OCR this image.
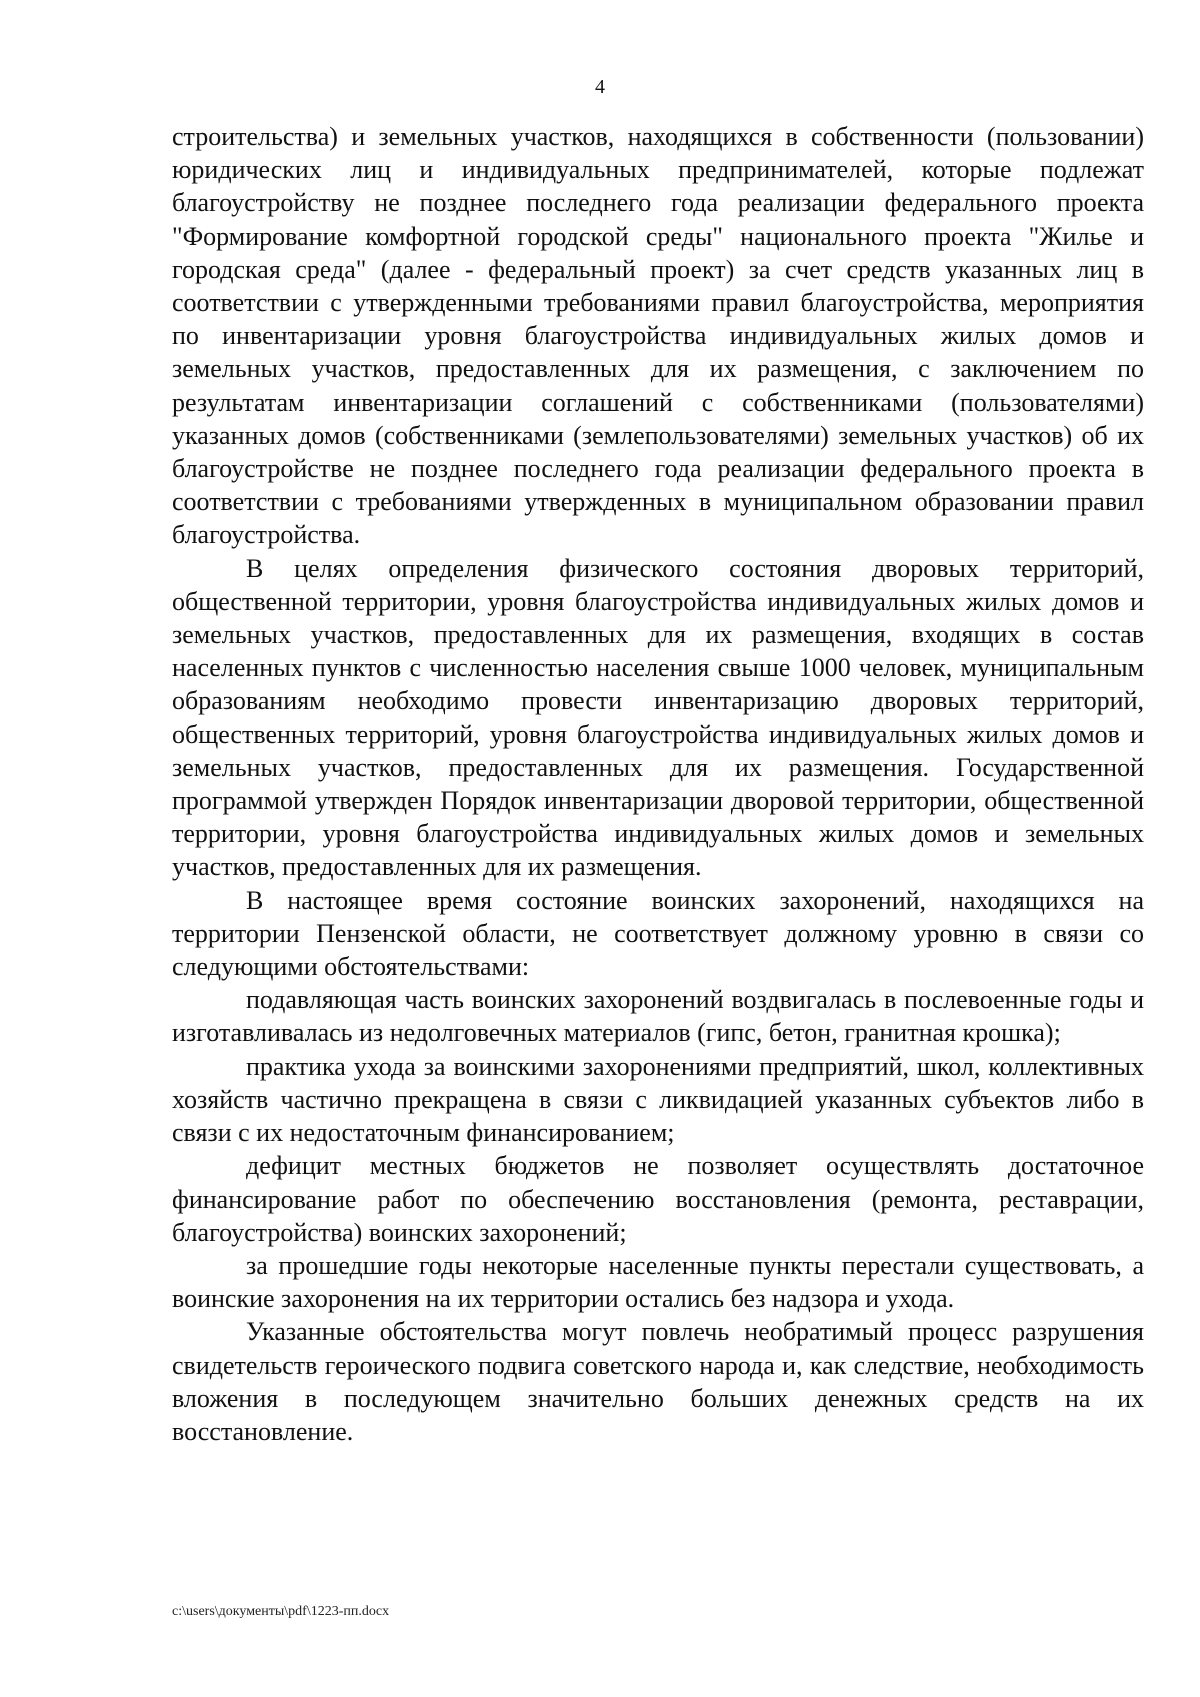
4

строительства) и земельных участков, находящихся в собственности (пользовании) юридических лиц и индивидуальных предпринимателей, которые подлежат благоустройству не позднее последнего года реализации федерального проекта "Формирование комфортной городской среды" национального проекта "Жилье и городская среда" (далее - федеральный проект) за счет средств указанных лиц в соответствии с утвержденными требованиями правил благоустройства, мероприятия по инвентаризации уровня благоустройства индивидуальных жилых домов и земельных участков, предоставленных для их размещения, с заключением по результатам инвентаризации соглашений с собственниками (пользователями) указанных домов (собственниками (землепользователями) земельных участков) об их благоустройстве не позднее последнего года реализации федерального проекта в соответствии с требованиями утвержденных в муниципальном образовании правил благоустройства.

В целях определения физического состояния дворовых территорий, общественной территории, уровня благоустройства индивидуальных жилых домов и земельных участков, предоставленных для их размещения, входящих в состав населенных пунктов с численностью населения свыше 1000 человек, муниципальным образованиям необходимо провести инвентаризацию дворовых территорий, общественных территорий, уровня благоустройства индивидуальных жилых домов и земельных участков, предоставленных для их размещения. Государственной программой утвержден Порядок инвентаризации дворовой территории, общественной территории, уровня благоустройства индивидуальных жилых домов и земельных участков, предоставленных для их размещения.

В настоящее время состояние воинских захоронений, находящихся на территории Пензенской области, не соответствует должному уровню в связи со следующими обстоятельствами:

подавляющая часть воинских захоронений воздвигалась в послевоенные годы и изготавливалась из недолговечных материалов (гипс, бетон, гранитная крошка);

практика ухода за воинскими захоронениями предприятий, школ, коллективных хозяйств частично прекращена в связи с ликвидацией указанных субъектов либо в связи с их недостаточным финансированием;

дефицит местных бюджетов не позволяет осуществлять достаточное финансирование работ по обеспечению восстановления (ремонта, реставрации, благоустройства) воинских захоронений;

за прошедшие годы некоторые населенные пункты перестали существовать, а воинские захоронения на их территории остались без надзора и ухода.

Указанные обстоятельства могут повлечь необратимый процесс разрушения свидетельств героического подвига советского народа и, как следствие, необходимость вложения в последующем значительно больших денежных средств на их восстановление.

c:\users\документы\pdf\1223-пп.docx
